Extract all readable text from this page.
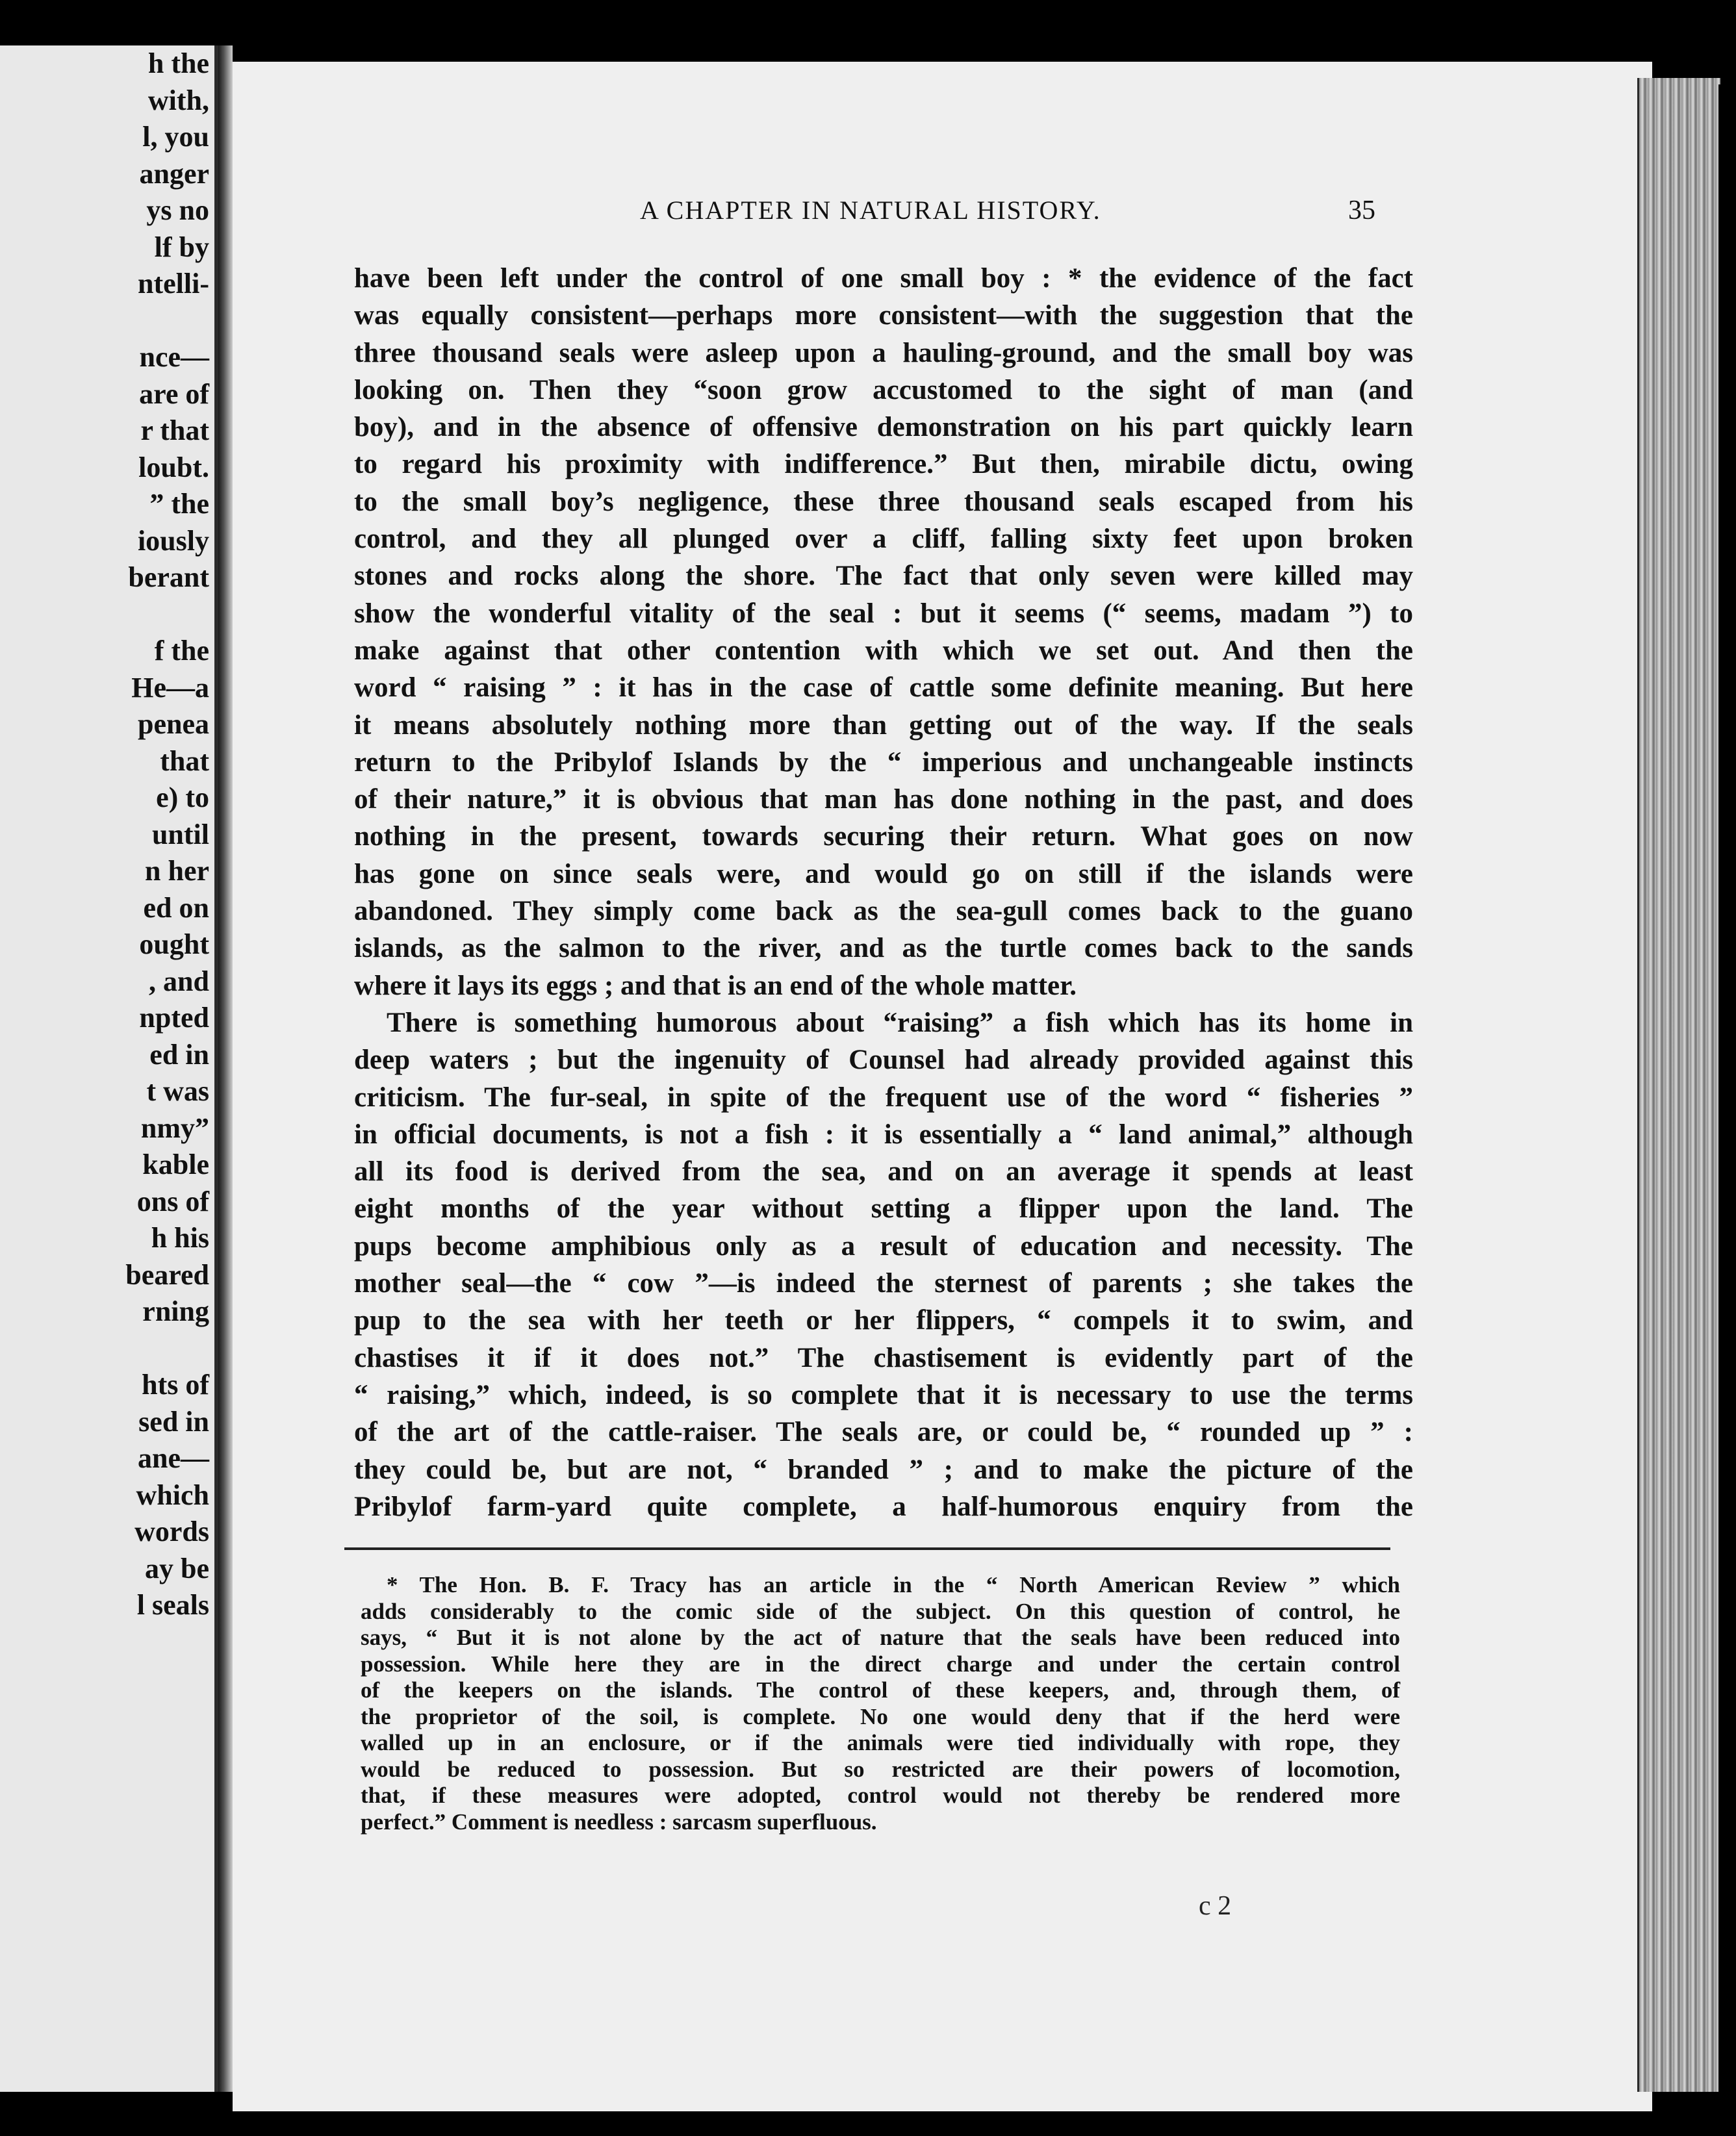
h the
with,
l, you
anger
ys no
lf by
ntelli-

nce—
are of
r that
loubt.
” the
iously
berant

f the
He—a
penea
that
e) to
until
n her
ed on
ought
, and
npted
ed in
t was
nmy”
kable
ons of
h his
beared
rning

hts of
sed in
ane—
which
words
ay be
l seals
A CHAPTER IN NATURAL HISTORY.	35
have been left under the control of one small boy : * the evidence of the fact
was equally consistent—perhaps more consistent—with the suggestion that the
three thousand seals were asleep upon a hauling-ground, and the small boy was
looking on. Then they “soon grow accustomed to the sight of man (and
boy), and in the absence of offensive demonstration on his part quickly learn
to regard his proximity with indifference.” But then, mirabile dictu, owing
to the small boy’s negligence, these three thousand seals escaped from his
control, and they all plunged over a cliff, falling sixty feet upon broken
stones and rocks along the shore. The fact that only seven were killed may
show the wonderful vitality of the seal : but it seems (“ seems, madam ”) to
make against that other contention with which we set out. And then the
word “ raising ” : it has in the case of cattle some definite meaning. But here
it means absolutely nothing more than getting out of the way. If the seals
return to the Pribylof Islands by the “ imperious and unchangeable instincts
of their nature,” it is obvious that man has done nothing in the past, and does
nothing in the present, towards securing their return. What goes on now
has gone on since seals were, and would go on still if the islands were
abandoned. They simply come back as the sea-gull comes back to the guano
islands, as the salmon to the river, and as the turtle comes back to the sands
where it lays its eggs ; and that is an end of the whole matter.
There is something humorous about “raising” a fish which has its home in
deep waters ; but the ingenuity of Counsel had already provided against this
criticism. The fur-seal, in spite of the frequent use of the word “ fisheries ”
in official documents, is not a fish : it is essentially a “ land animal,” although
all its food is derived from the sea, and on an average it spends at least
eight months of the year without setting a flipper upon the land. The
pups become amphibious only as a result of education and necessity. The
mother seal—the “ cow ”—is indeed the sternest of parents ; she takes the
pup to the sea with her teeth or her flippers, “ compels it to swim, and
chastises it if it does not.” The chastisement is evidently part of the
“ raising,” which, indeed, is so complete that it is necessary to use the terms
of the art of the cattle-raiser. The seals are, or could be, “ rounded up ” :
they could be, but are not, “ branded ” ; and to make the picture of the
Pribylof farm-yard quite complete, a half-humorous enquiry from the
* The Hon. B. F. Tracy has an article in the “ North American Review ” which
adds considerably to the comic side of the subject. On this question of control, he
says, “ But it is not alone by the act of nature that the seals have been reduced into
possession. While here they are in the direct charge and under the certain control
of the keepers on the islands. The control of these keepers, and, through them, of
the proprietor of the soil, is complete. No one would deny that if the herd were
walled up in an enclosure, or if the animals were tied individually with rope, they
would be reduced to possession. But so restricted are their powers of locomotion,
that, if these measures were adopted, control would not thereby be rendered more
perfect.” Comment is needless : sarcasm superfluous.
c 2
